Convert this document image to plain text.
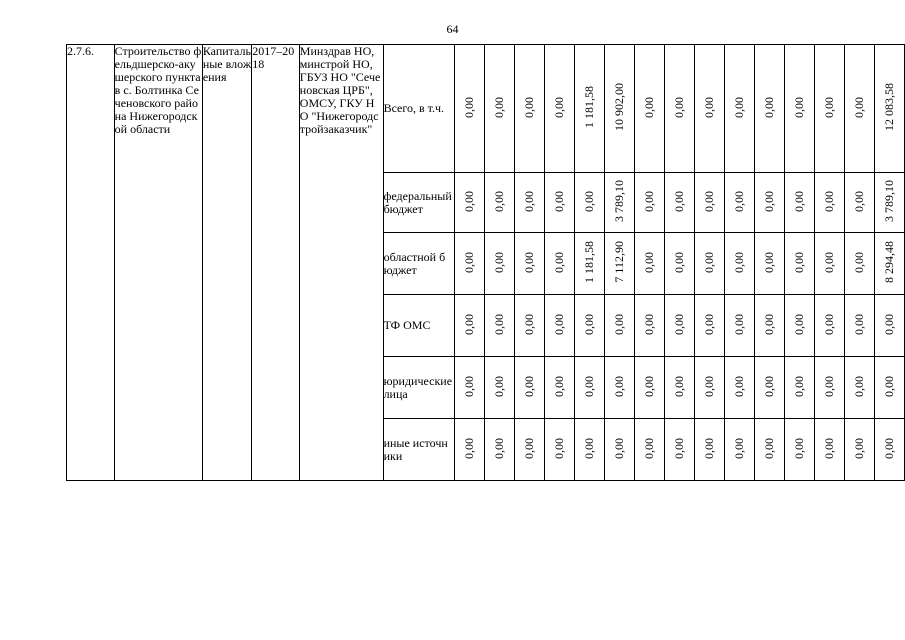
64
2.7.6.	Строительство фельдшерско-акушерского пункта в с. Болтинка Сеченовского района Нижегородской области	Капитальные вложения	2017–2018	Минздрав НО, минстрой НО, ГБУЗ НО "Сеченовская ЦРБ", ОМСУ, ГКУ НО "Нижегородстройзаказчик"	Всего, в т.ч.	0,00	0,00	0,00	0,00	1 181,58	10 902,00	0,00	0,00	0,00	0,00	0,00	0,00	0,00	0,00	12 083,58
					федеральный бюджет	0,00	0,00	0,00	0,00	0,00	3 789,10	0,00	0,00	0,00	0,00	0,00	0,00	0,00	0,00	3 789,10
					областной бюджет	0,00	0,00	0,00	0,00	1 181,58	7 112,90	0,00	0,00	0,00	0,00	0,00	0,00	0,00	0,00	8 294,48
					ТФ ОМС	0,00	0,00	0,00	0,00	0,00	0,00	0,00	0,00	0,00	0,00	0,00	0,00	0,00	0,00	0,00
					юридические лица	0,00	0,00	0,00	0,00	0,00	0,00	0,00	0,00	0,00	0,00	0,00	0,00	0,00	0,00	0,00
					иные источники	0,00	0,00	0,00	0,00	0,00	0,00	0,00	0,00	0,00	0,00	0,00	0,00	0,00	0,00	0,00
